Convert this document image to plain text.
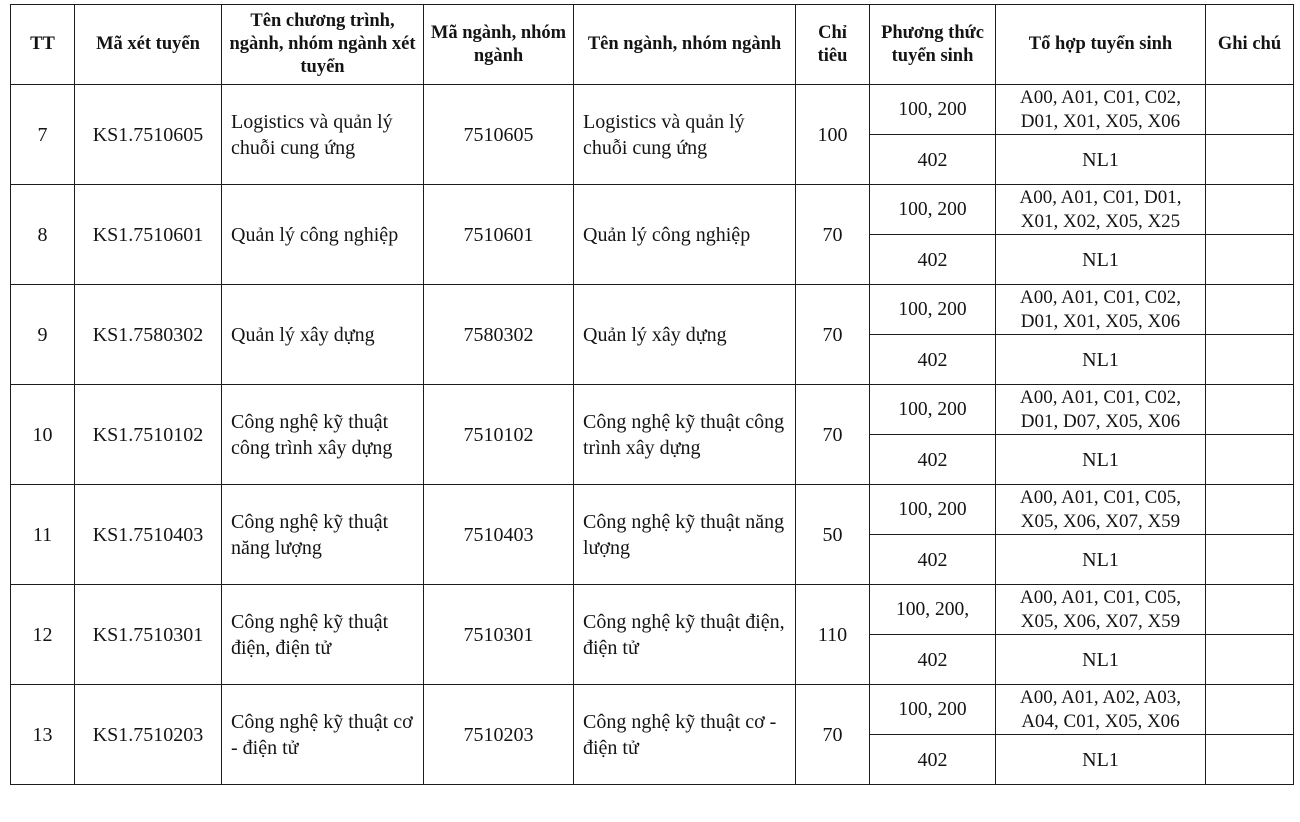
TT	Mã xét tuyển	Tên chương trình, ngành, nhóm ngành xét tuyển	Mã ngành, nhóm ngành	Tên ngành, nhóm ngành	Chỉ tiêu	Phương thức tuyển sinh	Tổ hợp tuyển sinh	Ghi chú
7	KS1.7510605	Logistics và quản lý chuỗi cung ứng	7510605	Logistics và quản lý chuỗi cung ứng	100	100, 200	A00, A01, C01, C02, D01, X01, X05, X06	
						402	NL1	
8	KS1.7510601	Quản lý công nghiệp	7510601	Quản lý công nghiệp	70	100, 200	A00, A01, C01, D01, X01, X02, X05, X25	
						402	NL1	
9	KS1.7580302	Quản lý xây dựng	7580302	Quản lý xây dựng	70	100, 200	A00, A01, C01, C02, D01, X01, X05, X06	
						402	NL1	
10	KS1.7510102	Công nghệ kỹ thuật công trình xây dựng	7510102	Công nghệ kỹ thuật công trình xây dựng	70	100, 200	A00, A01, C01, C02, D01, D07, X05, X06	
						402	NL1	
11	KS1.7510403	Công nghệ kỹ thuật năng lượng	7510403	Công nghệ kỹ thuật năng lượng	50	100, 200	A00, A01, C01, C05, X05, X06, X07, X59	
						402	NL1	
12	KS1.7510301	Công nghệ kỹ thuật điện, điện tử	7510301	Công nghệ kỹ thuật điện, điện tử	110	100, 200,	A00, A01, C01, C05, X05, X06, X07, X59	
						402	NL1	
13	KS1.7510203	Công nghệ kỹ thuật cơ - điện tử	7510203	Công nghệ kỹ thuật cơ - điện tử	70	100, 200	A00, A01, A02, A03, A04, C01, X05, X06	
						402	NL1	
